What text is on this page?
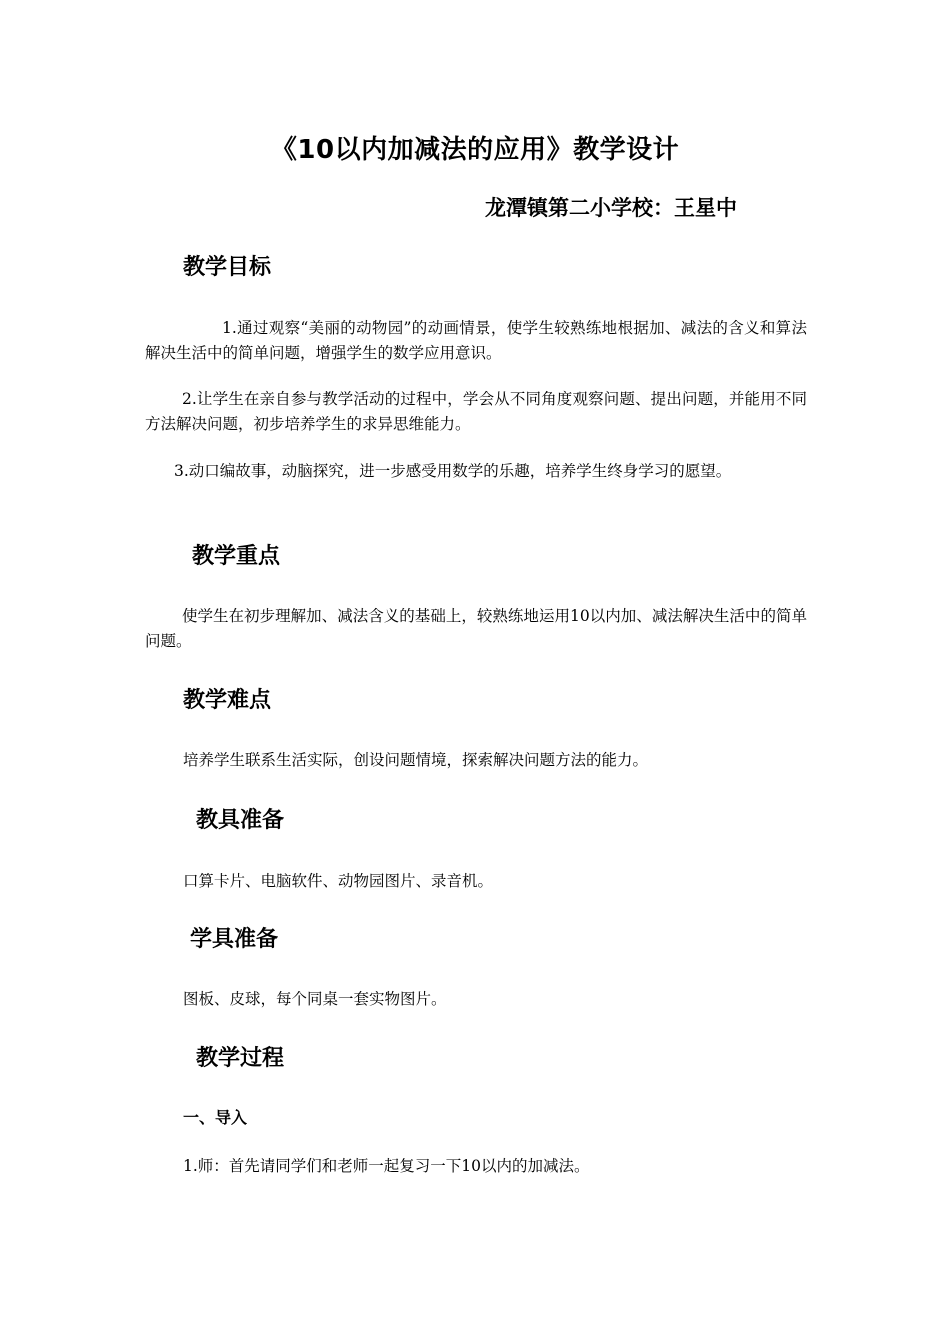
《10以内加减法的应用》教学设计
龙潭镇第二小学校：王星中
教学目标
1.通过观察“美丽的动物园”的动画情景，使学生较熟练地根据加、减法的含义和算法解决生活中的简单问题，增强学生的数学应用意识。
2.让学生在亲自参与教学活动的过程中，学会从不同角度观察问题、提出问题，并能用不同方法解决问题，初步培养学生的求异思维能力。
3.动口编故事，动脑探究，进一步感受用数学的乐趣，培养学生终身学习的愿望。
教学重点
使学生在初步理解加、减法含义的基础上，较熟练地运用10以内加、减法解决生活中的简单问题。
教学难点
培养学生联系生活实际，创设问题情境，探索解决问题方法的能力。
教具准备
口算卡片、电脑软件、动物园图片、录音机。
学具准备
图板、皮球，每个同桌一套实物图片。
教学过程
一、导入
1.师：首先请同学们和老师一起复习一下10以内的加减法。
